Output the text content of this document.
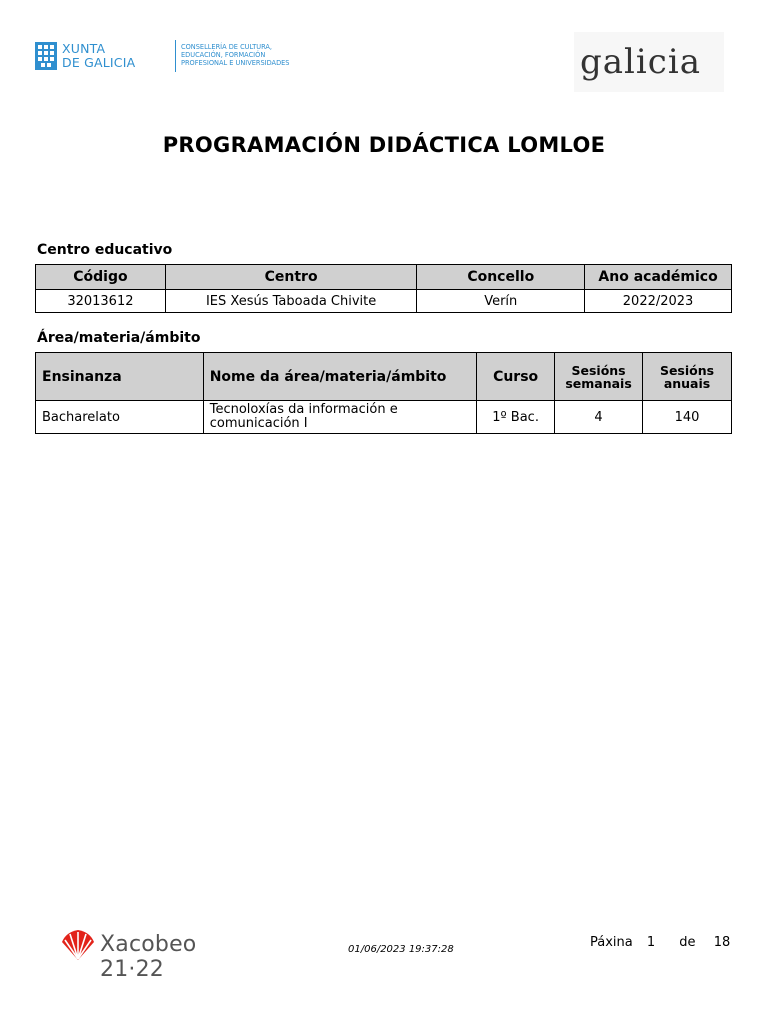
XUNTA
DE GALICIA
CONSELLERÍA DE CULTURA,
EDUCACIÓN, FORMACIÓN
PROFESIONAL E UNIVERSIDADES	galicia
PROGRAMACIÓN DIDÁCTICA LOMLOE
Centro educativo
Código	Centro	Concello	Ano académico
32013612	IES Xesús Taboada Chivite	Verín	2022/2023
Área/materia/ámbito
Ensinanza	Nome da área/materia/ámbito	Curso	Sesións semanais	Sesións anuais
Bacharelato	Tecnoloxías da información e comunicación I	1º Bac.	4	140
Xacobeo 21·22
01/06/2023 19:37:28	Páxina 1 de 18
